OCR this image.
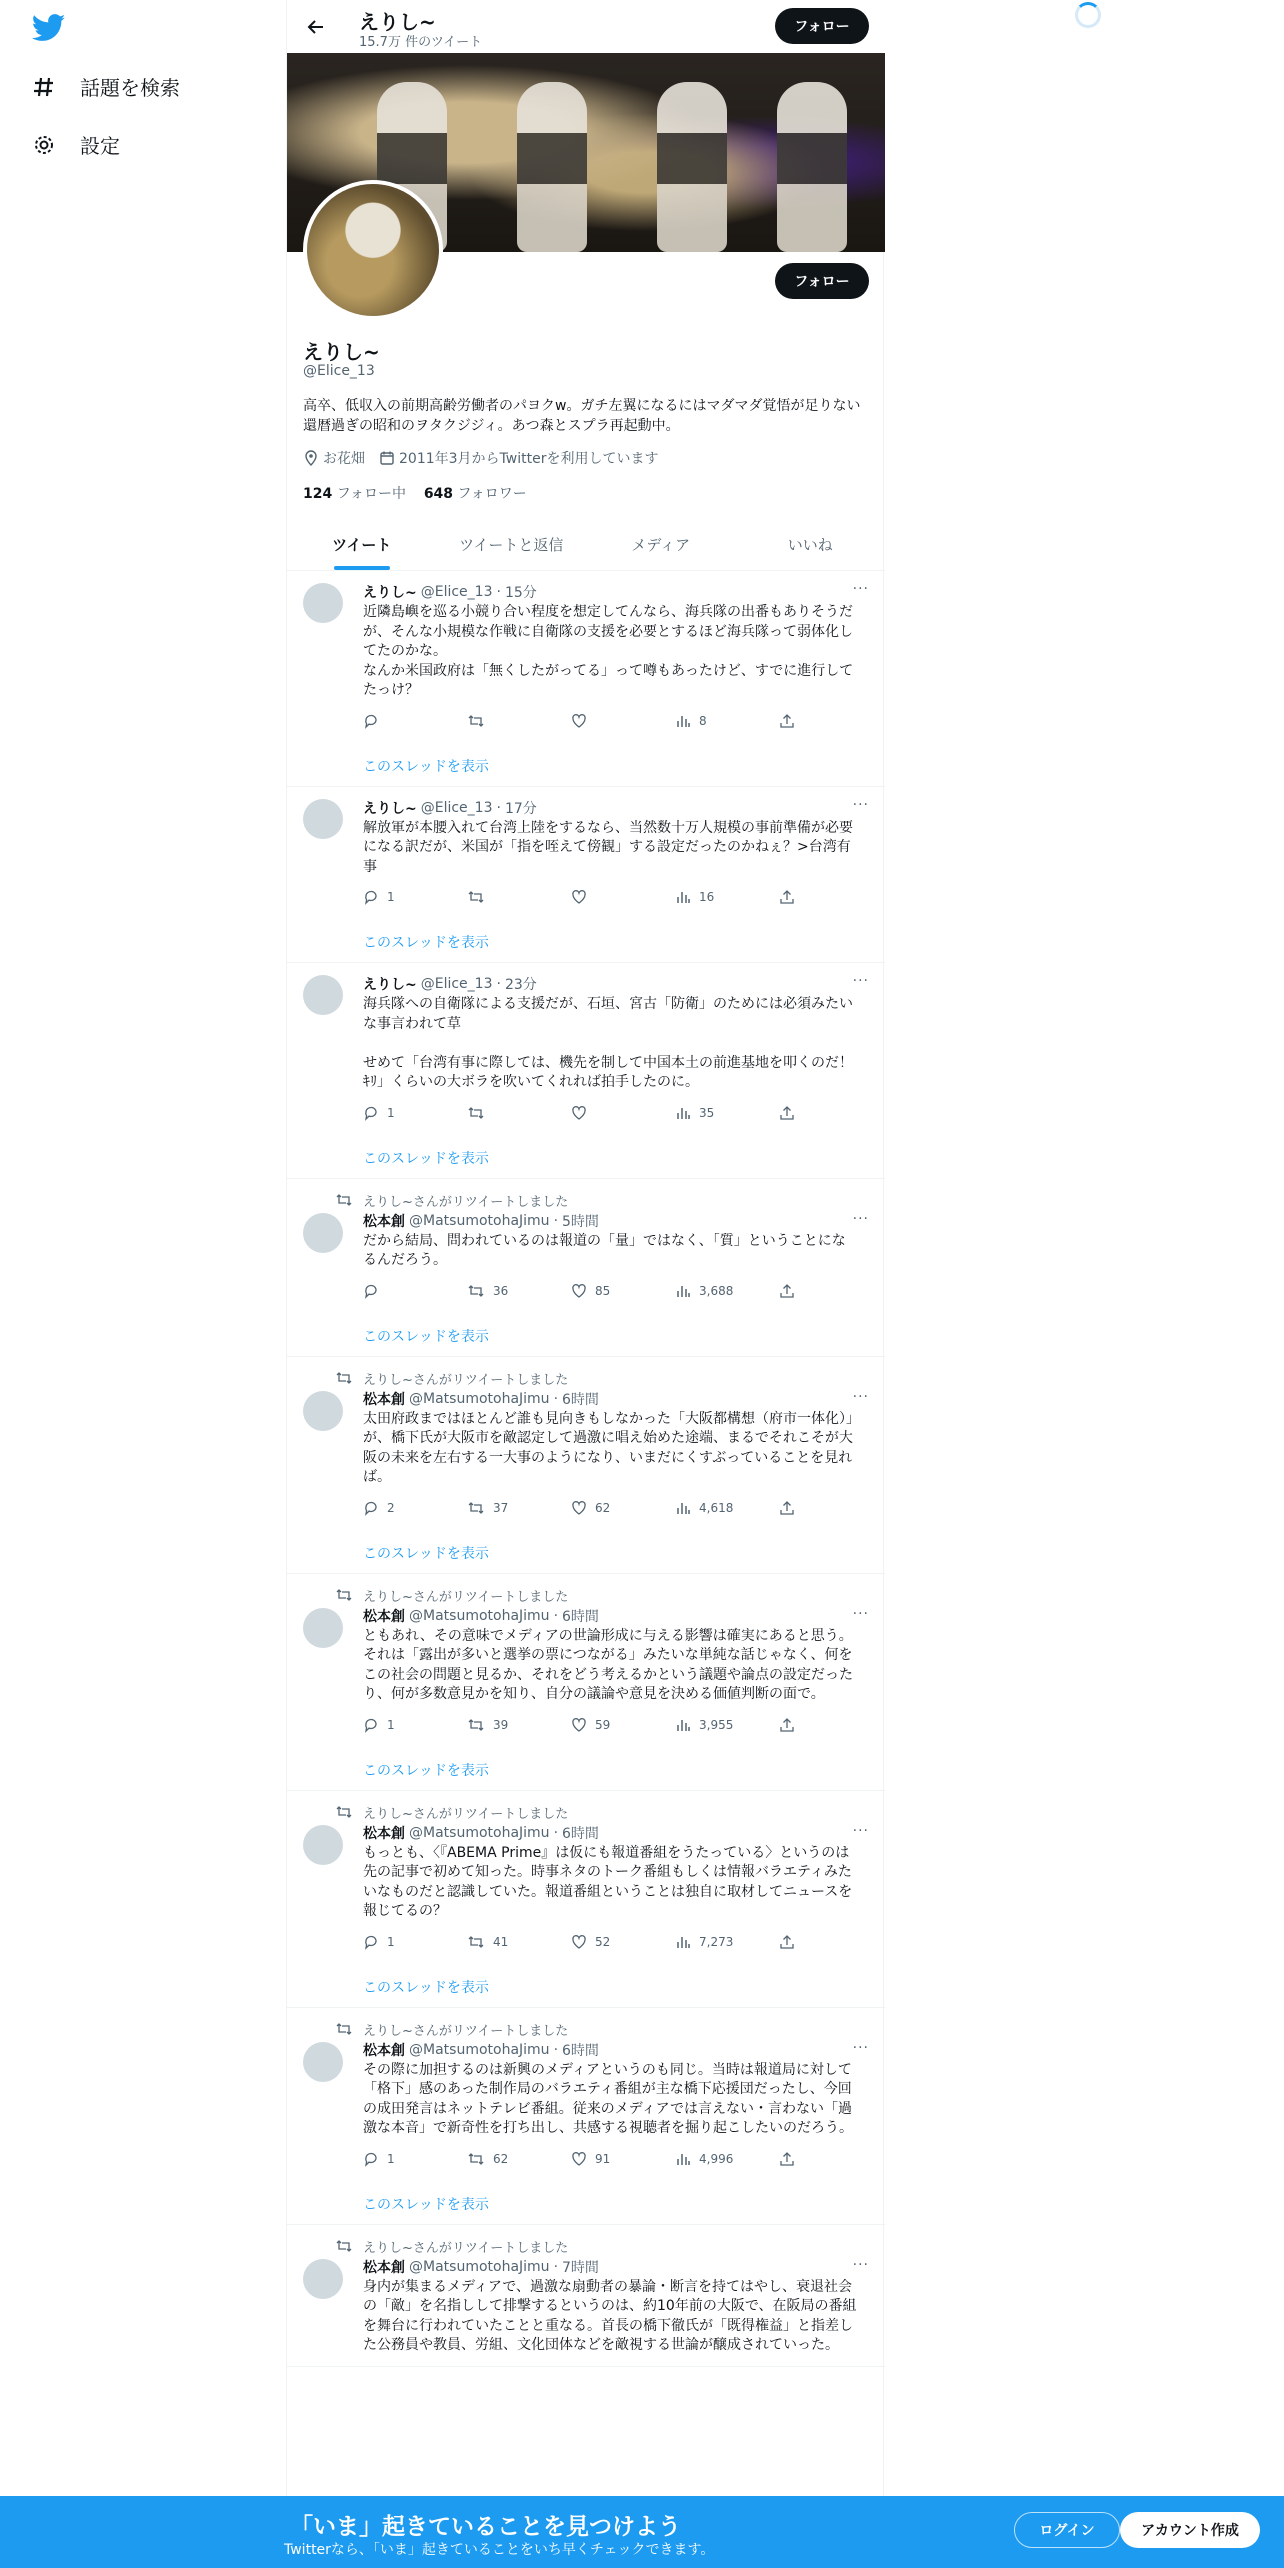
話題を検索
設定
えりし~
15.7万 件のツイート
フォロー
フォロー
えりし~
@Elice_13
高卒、低収入の前期高齢労働者のパヨクw。ガチ左翼になるにはマダマダ覚悟が足りない還暦過ぎの昭和のヲタクジジィ。あつ森とスプラ再起動中。
お花畑	2011年3月からTwitterを利用しています
124 フォロー中 648 フォロワー
ツイート	ツイートと返信	メディア	いいね
···
えりし~ @Elice_13 · 15分
近隣島嶼を巡る小競り合い程度を想定してんなら、海兵隊の出番もありそうだが、そんな小規模な作戦に自衛隊の支援を必要とするほど海兵隊って弱体化してたのかな。
なんか米国政府は「無くしたがってる」って噂もあったけど、すでに進行してたっけ？
8
このスレッドを表示
···
えりし~ @Elice_13 · 17分
解放軍が本腰入れて台湾上陸をするなら、当然数十万人規模の事前準備が必要になる訳だが、米国が「指を咥えて傍観」する設定だったのかねぇ？>台湾有事
1	16
このスレッドを表示
···
えりし~ @Elice_13 · 23分
海兵隊への自衛隊による支援だが、石垣、宮古「防衛」のためには必須みたいな事言われて草

せめて「台湾有事に際しては、機先を制して中国本土の前進基地を叩くのだ！ｷﾘ」くらいの大ボラを吹いてくれれば拍手したのに。
1	35
このスレッドを表示
えりし~さんがリツイートしました
···
松本創 @MatsumotohaJimu · 5時間
だから結局、問われているのは報道の「量」ではなく、「質」ということになるんだろう。
36	85	3,688
このスレッドを表示
えりし~さんがリツイートしました
···
松本創 @MatsumotohaJimu · 6時間
太田府政まではほとんど誰も見向きもしなかった「大阪都構想（府市一体化）」が、橋下氏が大阪市を敵認定して過激に唱え始めた途端、まるでそれこそが大阪の未来を左右する一大事のようになり、いまだにくすぶっていることを見れば。
2	37	62	4,618
このスレッドを表示
えりし~さんがリツイートしました
···
松本創 @MatsumotohaJimu · 6時間
ともあれ、その意味でメディアの世論形成に与える影響は確実にあると思う。それは「露出が多いと選挙の票につながる」みたいな単純な話じゃなく、何をこの社会の問題と見るか、それをどう考えるかという議題や論点の設定だったり、何が多数意見かを知り、自分の議論や意見を決める価値判断の面で。
1	39	59	3,955
このスレッドを表示
えりし~さんがリツイートしました
···
松本創 @MatsumotohaJimu · 6時間
もっとも、〈『ABEMA Prime』は仮にも報道番組をうたっている〉というのは先の記事で初めて知った。時事ネタのトーク番組もしくは情報バラエティみたいなものだと認識していた。報道番組ということは独自に取材してニュースを報じてるの？
1	41	52	7,273
このスレッドを表示
えりし~さんがリツイートしました
···
松本創 @MatsumotohaJimu · 6時間
その際に加担するのは新興のメディアというのも同じ。当時は報道局に対して「格下」感のあった制作局のバラエティ番組が主な橋下応援団だったし、今回の成田発言はネットテレビ番組。従来のメディアでは言えない・言わない「過激な本音」で新奇性を打ち出し、共感する視聴者を掘り起こしたいのだろう。
1	62	91	4,996
このスレッドを表示
えりし~さんがリツイートしました
···
松本創 @MatsumotohaJimu · 7時間
身内が集まるメディアで、過激な扇動者の暴論・断言を持てはやし、衰退社会の「敵」を名指しして排撃するというのは、約10年前の大阪で、在阪局の番組を舞台に行われていたことと重なる。首長の橋下徹氏が「既得権益」と指差した公務員や教員、労組、文化団体などを敵視する世論が醸成されていった。
「いま」起きていることを見つけよう
Twitterなら、「いま」起きていることをいち早くチェックできます。
ログイン	アカウント作成
